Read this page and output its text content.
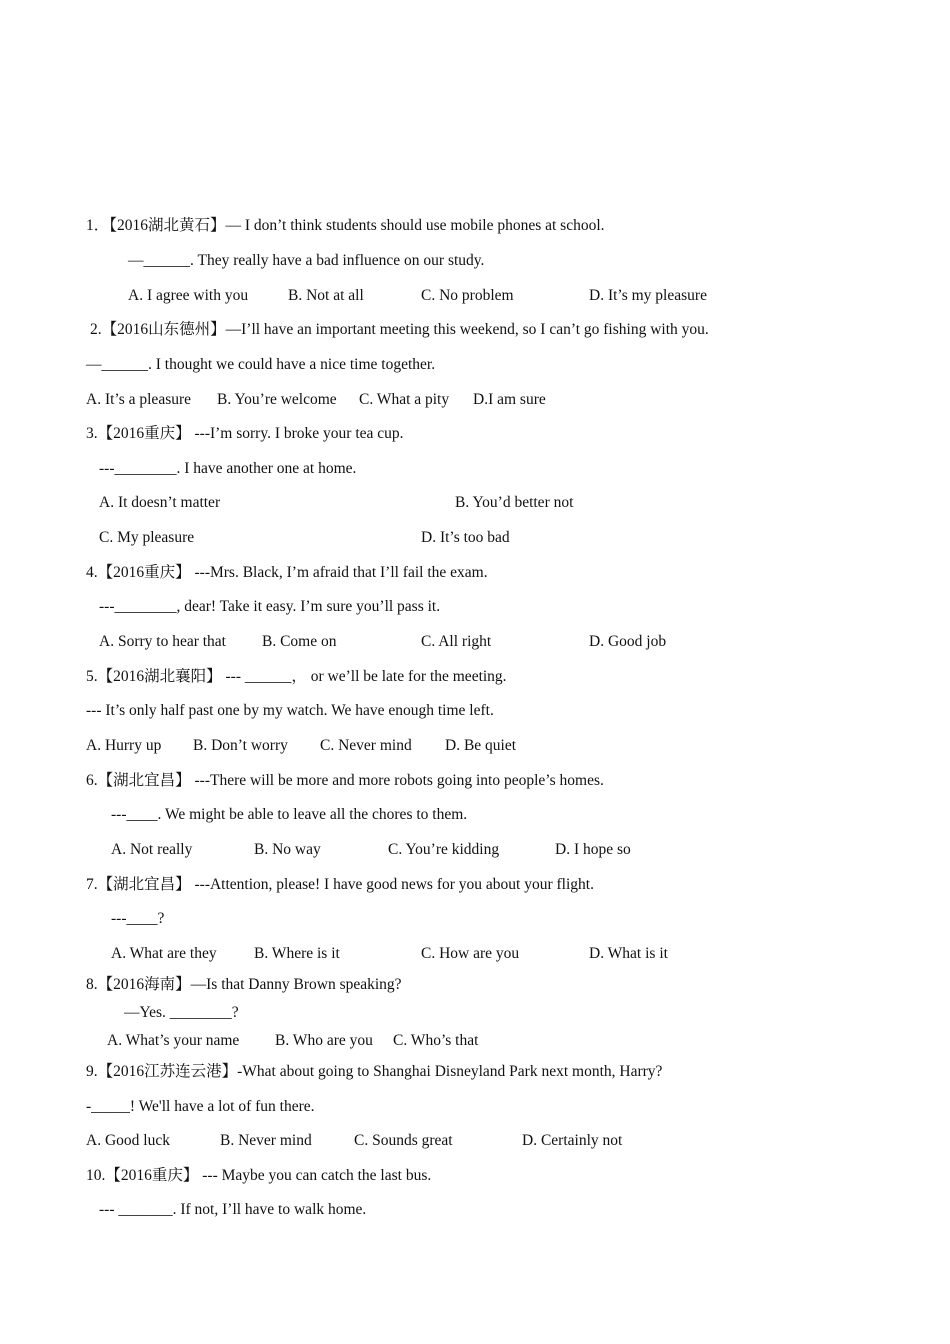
1．【2016湖北黄石】— I don’t think students should use mobile phones at school.
—______. They really have a bad influence on our study.
A. I agree with you	B. Not at all	C. No problem	D. It’s my pleasure
2.【2016山东德州】—I’ll have an important meeting this weekend, so I can’t go fishing with you.
—______. I thought we could have a nice time together.
A. It’s a pleasure B. You’re welcome C. What a pity D.I am sure
3.【2016重庆】 ---I’m sorry. I broke your tea cup.
---________. I have another one at home.
A. It doesn’t matter	B. You’d better not
C. My pleasure	D. It’s too bad
4.【2016重庆】 ---Mrs. Black, I’m afraid that I’ll fail the exam.
---________, dear! Take it easy. I’m sure you’ll pass it.
A. Sorry to hear that B. Come on	C. All right	D. Good job
5.【2016湖北襄阳】 --- ______， or we’ll be late for the meeting.
--- It’s only half past one by my watch. We have enough time left.
A. Hurry up B. Don’t worry C. Never mind D. Be quiet
6.【湖北宜昌】 ---There will be more and more robots going into people’s homes.
---____. We might be able to leave all the chores to them.
A. Not really	B. No way	C. You’re kidding	D. I hope so
7.【湖北宜昌】 ---Attention, please! I have good news for you about your flight.
---____?
A. What are they B. Where is it	C. How are you	D. What is it
8.【2016海南】—Is that Danny Brown speaking?
—Yes. ________?
A. What’s your name B. Who are you C. Who’s that
9.【2016江苏连云港】-What about going to Shanghai Disneyland Park next month, Harry?
-_____! We'll have a lot of fun there.
A. Good luck	B. Never mind	C. Sounds great	D. Certainly not
10.【2016重庆】 --- Maybe you can catch the last bus.
--- _______. If not, I’ll have to walk home.
